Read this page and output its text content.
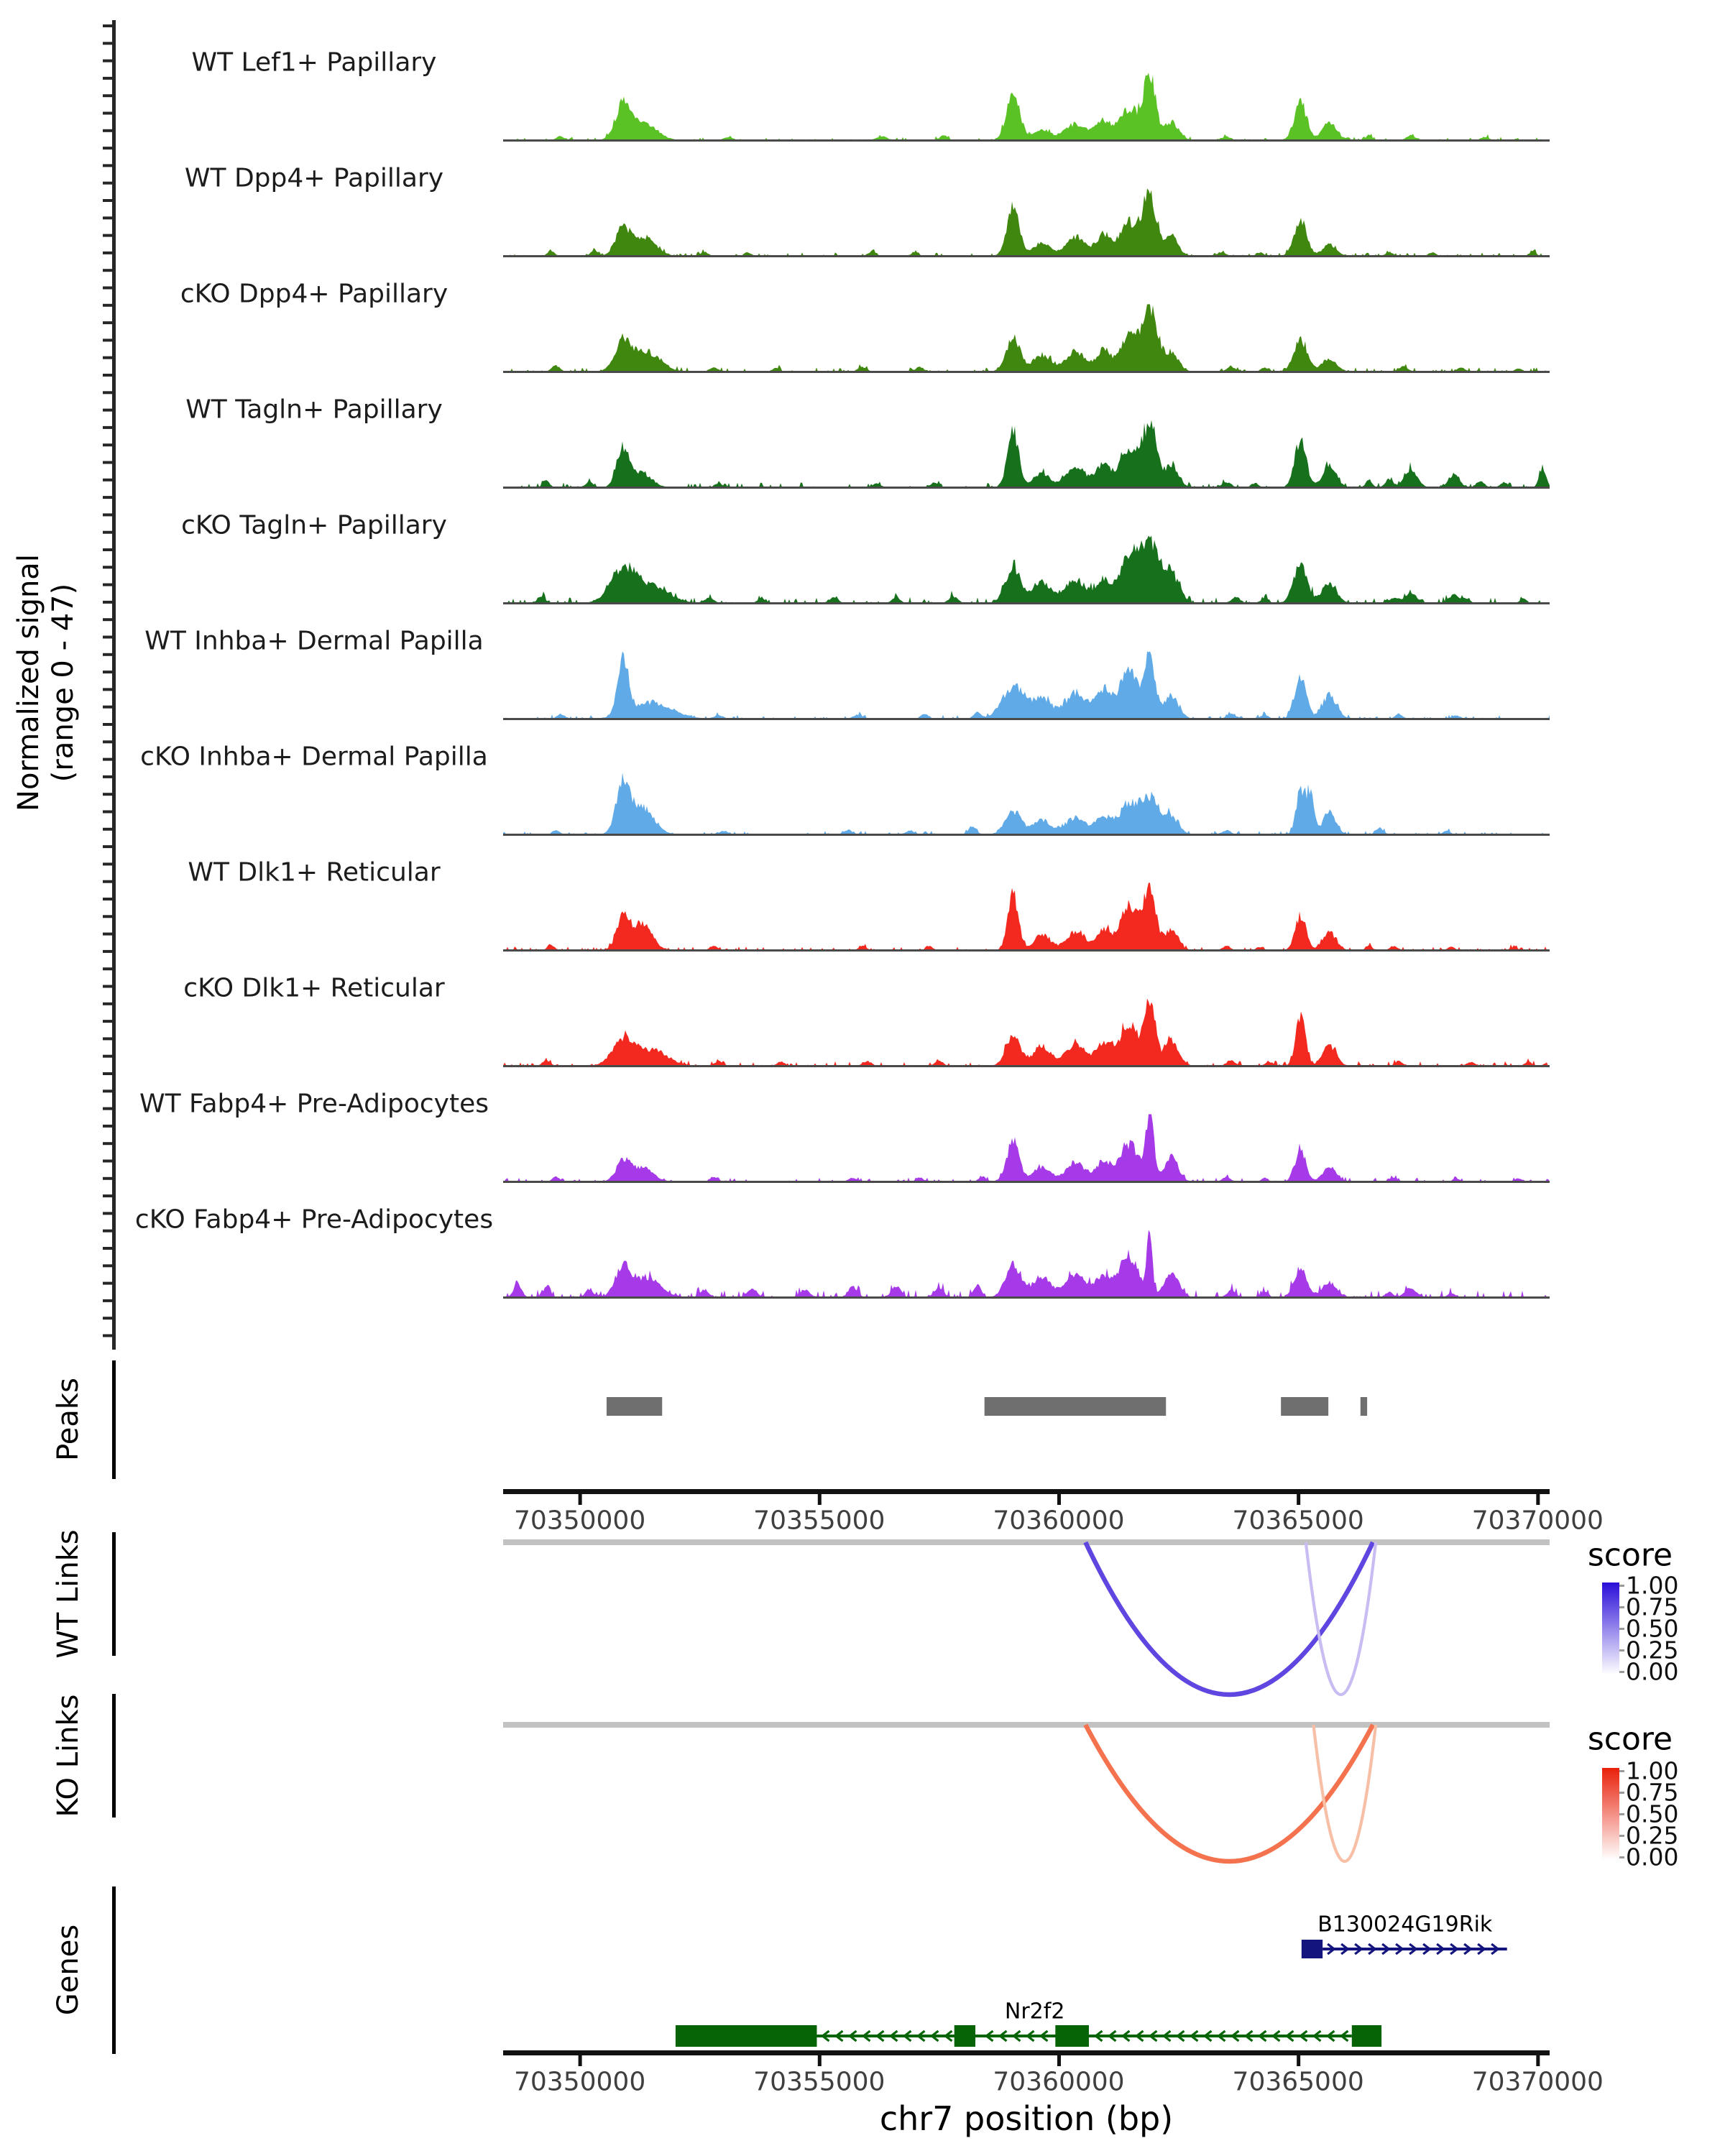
Normalized signal (range 0 - 47)
Peaks
WT Links
KO Links
Genes
score
score
chr7 position (bp)
WT Lef1+ Papillary
WT Dpp4+ Papillary
cKO Dpp4+ Papillary
WT Tagln+ Papillary
cKO Tagln+ Papillary
WT Inhba+ Dermal Papilla
cKO Inhba+ Dermal Papilla
WT Dlk1+ Reticular
cKO Dlk1+ Reticular
WT Fabp4+ Pre-Adipocytes
cKO Fabp4+ Pre-Adipocytes
70350000	70355000	70360000	70365000	70370000
70350000	70355000	70360000	70365000	70370000
1.00
0.75
0.50
0.25
0.00
1.00
0.75
0.50
0.25
0.00
B130024G19Rik
Nr2f2
